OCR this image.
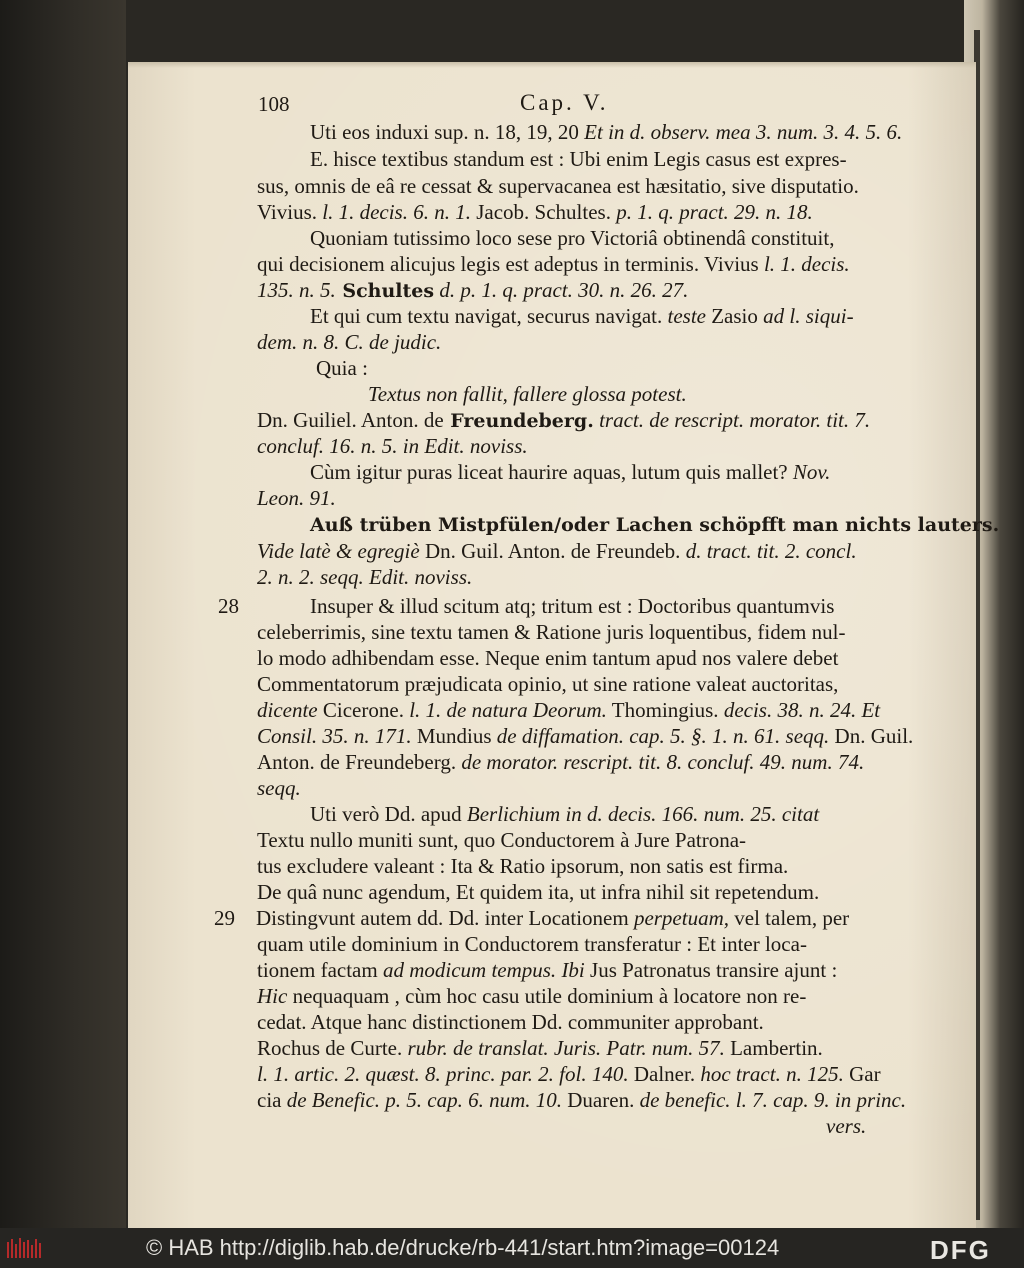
108	Cap. V.
Uti eos induxi sup. n. 18, 19, 20 Et in d. observ. mea 3. num. 3. 4. 5. 6.
E. hisce textibus standum est : Ubi enim Legis casus est expres-
sus, omnis de eâ re cessat & supervacanea est hæsitatio, sive disputatio.
Vivius. l. 1. decis. 6. n. 1. Jacob. Schultes. p. 1. q. pract. 29. n. 18.
Quoniam tutissimo loco sese pro Victoriâ obtinendâ constituit,
qui decisionem alicujus legis est adeptus in terminis. Vivius l. 1. decis.
135. n. 5. Schultes d. p. 1. q. pract. 30. n. 26. 27.
Et qui cum textu navigat, securus navigat. teste Zasio ad l. siqui-
dem. n. 8. C. de judic.
Quia :
Textus non fallit, fallere glossa potest.
Dn. Guiliel. Anton. de Freundeberg. tract. de rescript. morator. tit. 7.
concluf. 16. n. 5. in Edit. noviss.
Cùm igitur puras liceat haurire aquas, lutum quis mallet? Nov.
Leon. 91.
Auß trüben Mistpfülen/oder Lachen schöpfft man nichts lauters.
Vide latè & egregiè Dn. Guil. Anton. de Freundeb. d. tract. tit. 2. concl.
2. n. 2. seqq. Edit. noviss.
28	Insuper & illud scitum atq; tritum est : Doctoribus quantumvis
celeberrimis, sine textu tamen & Ratione juris loquentibus, fidem nul-
lo modo adhibendam esse. Neque enim tantum apud nos valere debet
Commentatorum præjudicata opinio, ut sine ratione valeat auctoritas,
dicente Cicerone. l. 1. de natura Deorum. Thomingius. decis. 38. n. 24. Et
Consil. 35. n. 171. Mundius de diffamation. cap. 5. §. 1. n. 61. seqq. Dn. Guil.
Anton. de Freundeberg. de morator. rescript. tit. 8. concluf. 49. num. 74.
seqq.
Uti verò Dd. apud Berlichium in d. decis. 166. num. 25. citat
Textu nullo muniti sunt, quo Conductorem à Jure Patrona-
tus excludere valeant : Ita & Ratio ipsorum, non satis est firma.
De quâ nunc agendum, Et quidem ita, ut infra nihil sit repetendum.
29 Distingvunt autem dd. Dd. inter Locationem perpetuam, vel talem, per
quam utile dominium in Conductorem transferatur : Et inter loca-
tionem factam ad modicum tempus. Ibi Jus Patronatus transire ajunt :
Hic nequaquam , cùm hoc casu utile dominium à locatore non re-
cedat. Atque hanc distinctionem Dd. communiter approbant.
Rochus de Curte. rubr. de translat. Juris. Patr. num. 57. Lambertin.
l. 1. artic. 2. quæst. 8. princ. par. 2. fol. 140. Dalner. hoc tract. n. 125. Gar
cia de Benefic. p. 5. cap. 6. num. 10. Duaren. de benefic. l. 7. cap. 9. in princ.
vers.
© HAB http://diglib.hab.de/drucke/rb-441/start.htm?image=00124	DFG
